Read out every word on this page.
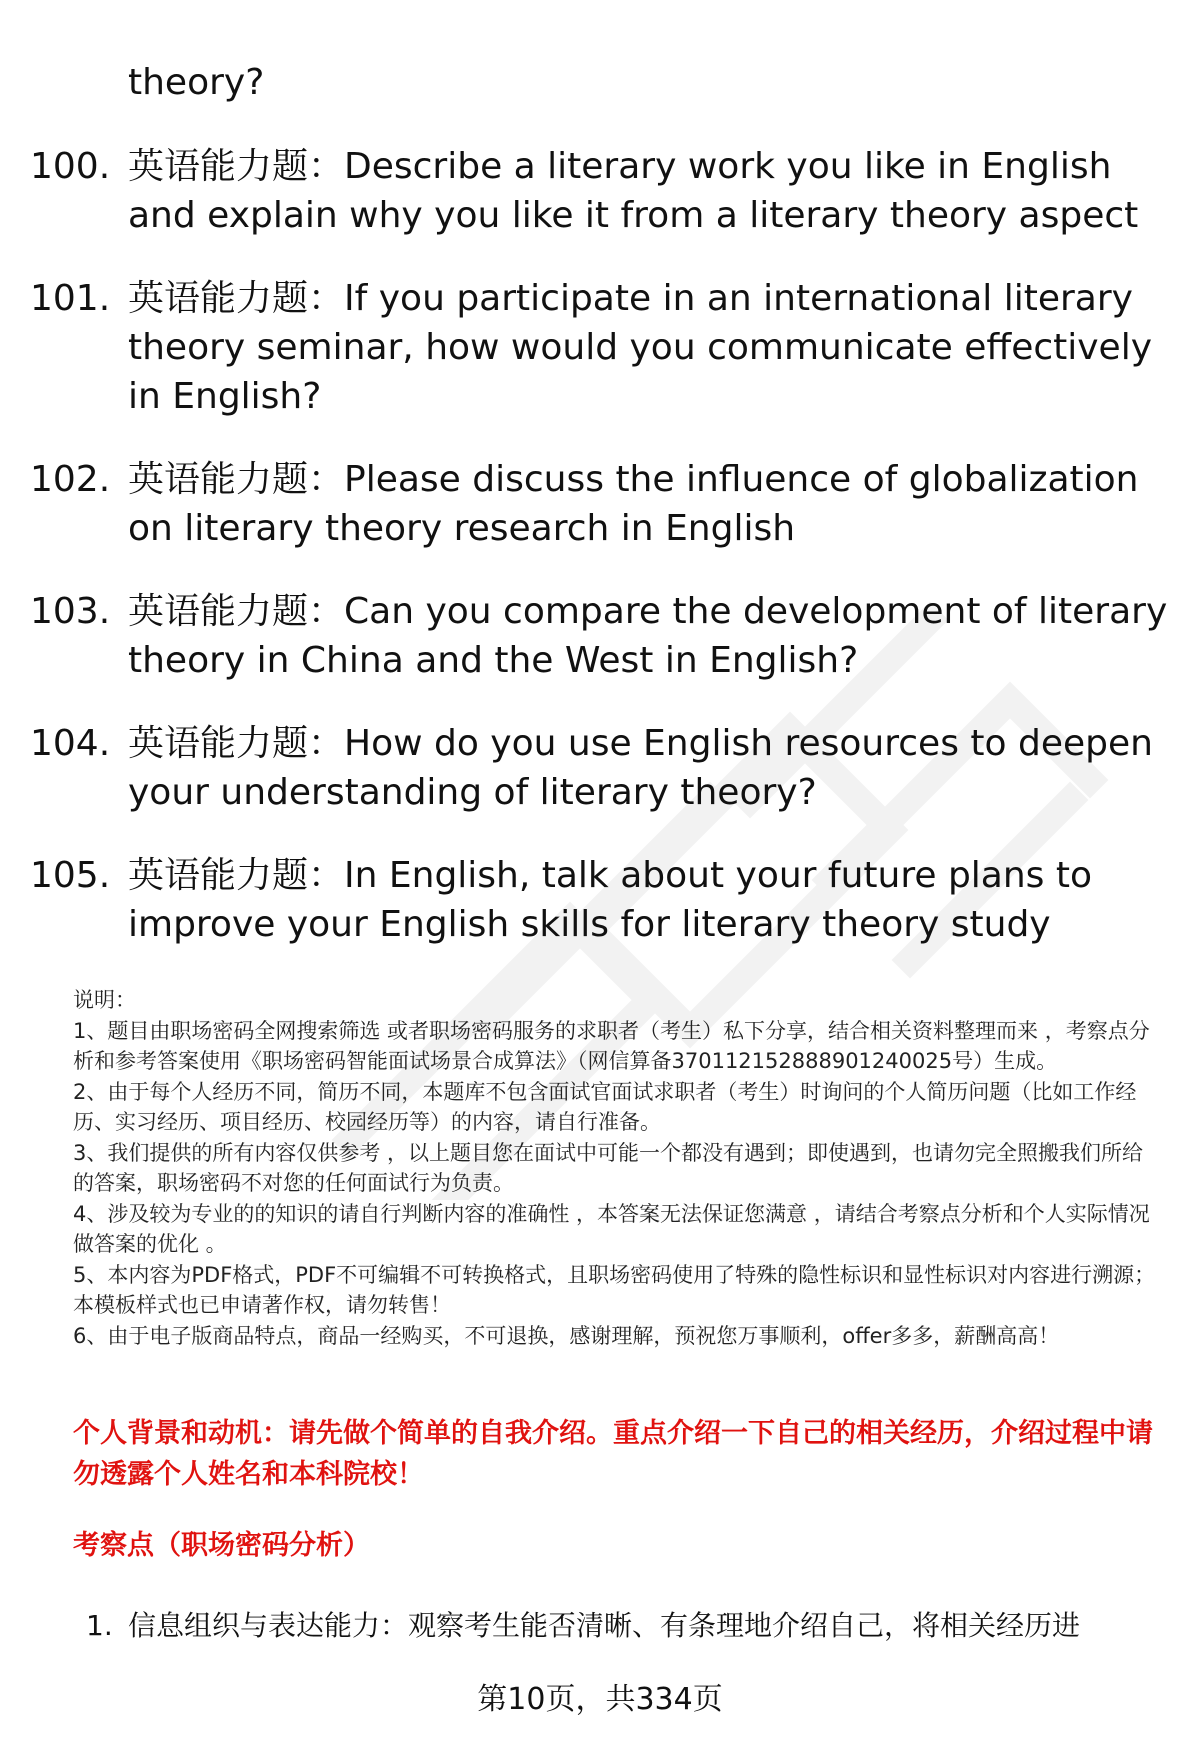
theory?
100. 英语能力题：Describe a literary work you like in English and explain why you like it from a literary theory aspect
101. 英语能力题：If you participate in an international literary theory seminar, how would you communicate effectively in English?
102. 英语能力题：Please discuss the influence of globalization on literary theory research in English
103. 英语能力题：Can you compare the development of literary theory in China and the West in English?
104. 英语能力题：How do you use English resources to deepen your understanding of literary theory?
105. 英语能力题：In English, talk about your future plans to improve your English skills for literary theory study

说明：

1、题目由职场密码全网搜索筛选 或者职场密码服务的求职者（考生）私下分享，结合相关资料整理而来 ，考察点分析和参考答案使用《职场密码智能面试场景合成算法》（网信算备370112152888901240025号）生成。

2、由于每个人经历不同，简历不同，本题库不包含面试官面试求职者（考生）时询问的个人简历问题（比如工作经历、实习经历、项目经历、校园经历等）的内容，请自行准备。

3、我们提供的所有内容仅供参考 ，以上题目您在面试中可能一个都没有遇到；即使遇到，也请勿完全照搬我们所给的答案，职场密码不对您的任何面试行为负责。

4、涉及较为专业的的知识的请自行判断内容的准确性 ，本答案无法保证您满意 ，请结合考察点分析和个人实际情况做答案的优化 。

5、本内容为PDF格式，PDF不可编辑不可转换格式，且职场密码使用了特殊的隐性标识和显性标识对内容进行溯源；本模板样式也已申请著作权，请勿转售！

6、由于电子版商品特点，商品一经购买，不可退换，感谢理解，预祝您万事顺利，offer多多，薪酬高高！

个人背景和动机：请先做个简单的自我介绍。重点介绍一下自己的相关经历，介绍过程中请勿透露个人姓名和本科院校！
考察点（职场密码分析）
1. 信息组织与表达能力：观察考生能否清晰、有条理地介绍自己，将相关经历进
第10页，共334页
